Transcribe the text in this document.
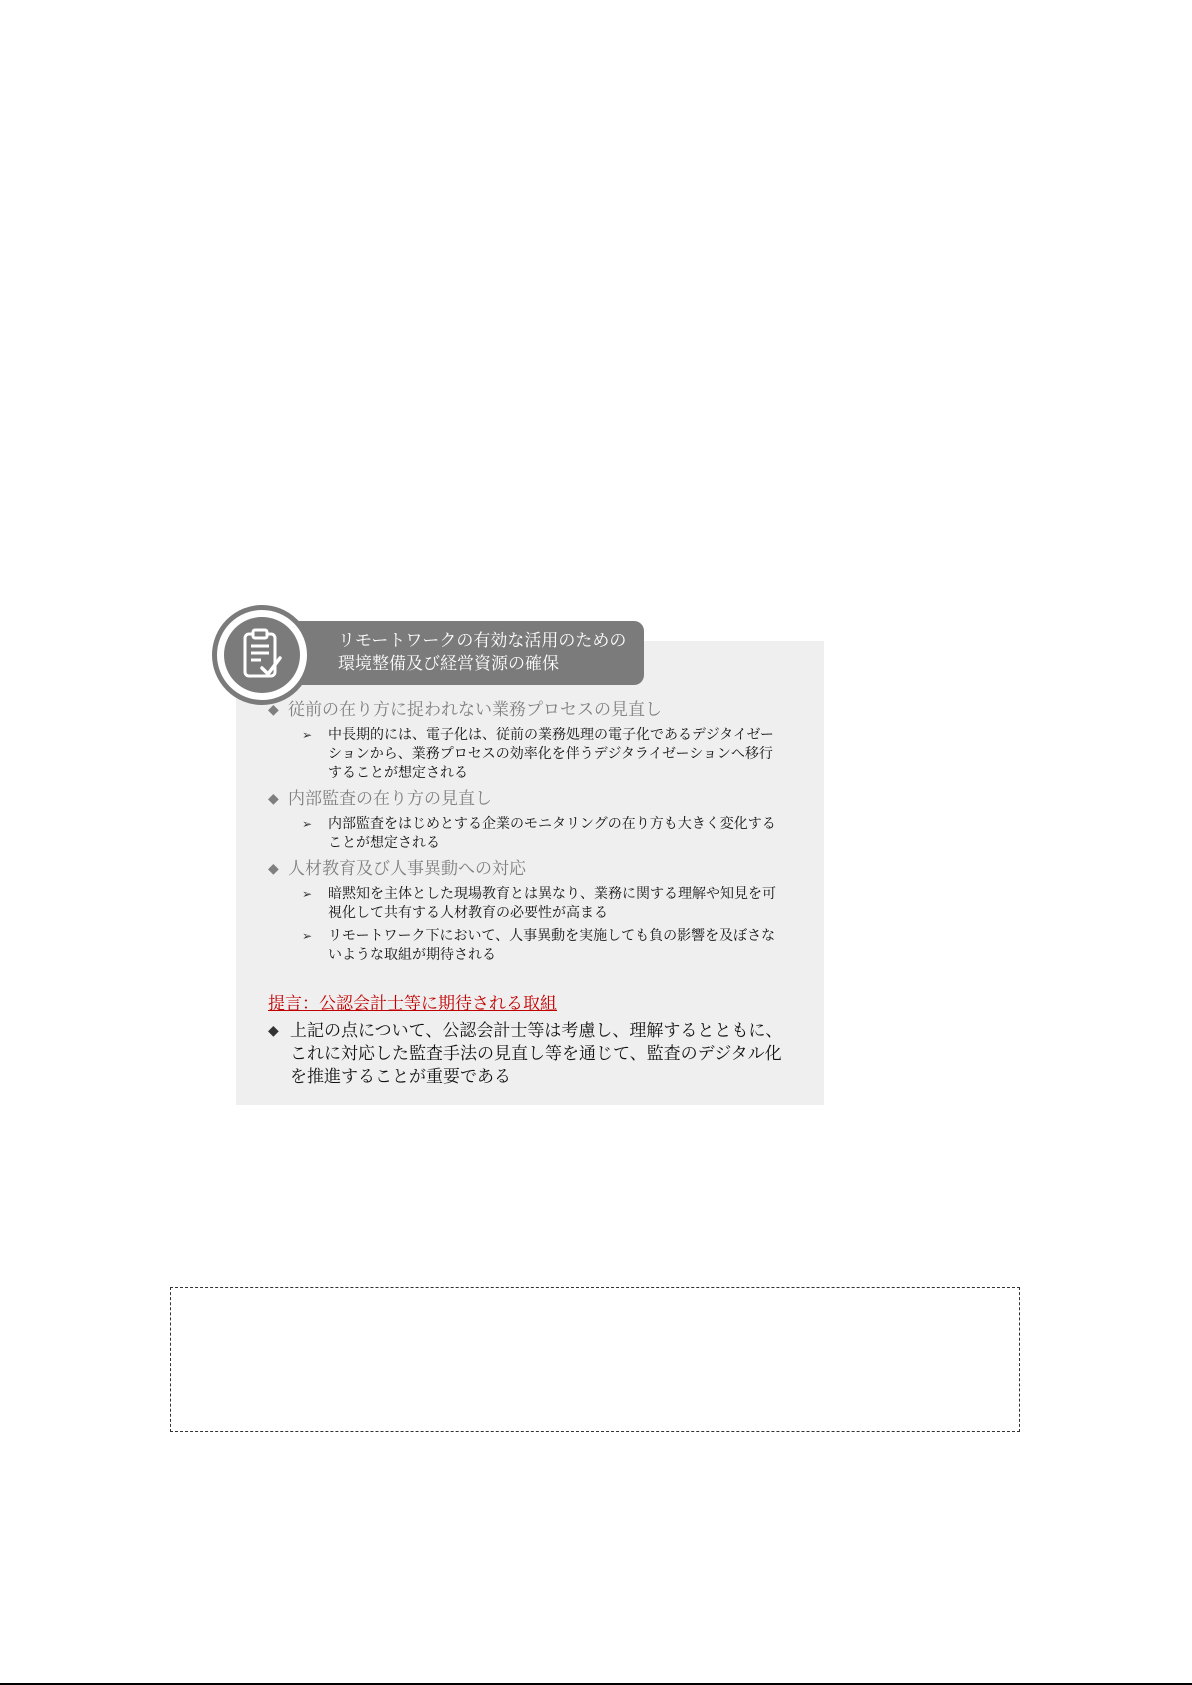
リモートワークの有効な活用のための
環境整備及び経営資源の確保

◆ 従前の在り方に捉われない業務プロセスの見直し

➢	中長期的には、電子化は、従前の業務処理の電子化であるデジタイゼーションから、業務プロセスの効率化を伴うデジタライゼーションへ移行することが想定される

◆ 内部監査の在り方の見直し

➢	内部監査をはじめとする企業のモニタリングの在り方も大きく変化することが想定される

◆ 人材教育及び人事異動への対応

➢	暗黙知を主体とした現場教育とは異なり、業務に関する理解や知見を可視化して共有する人材教育の必要性が高まる
➢	リモートワーク下において、人事異動を実施しても負の影響を及ぼさないような取組が期待される

提言：公認会計士等に期待される取組

◆ 上記の点について、公認会計士等は考慮し、理解するとともに、これに対応した監査手法の見直し等を通じて、監査のデジタル化を推進することが重要である
